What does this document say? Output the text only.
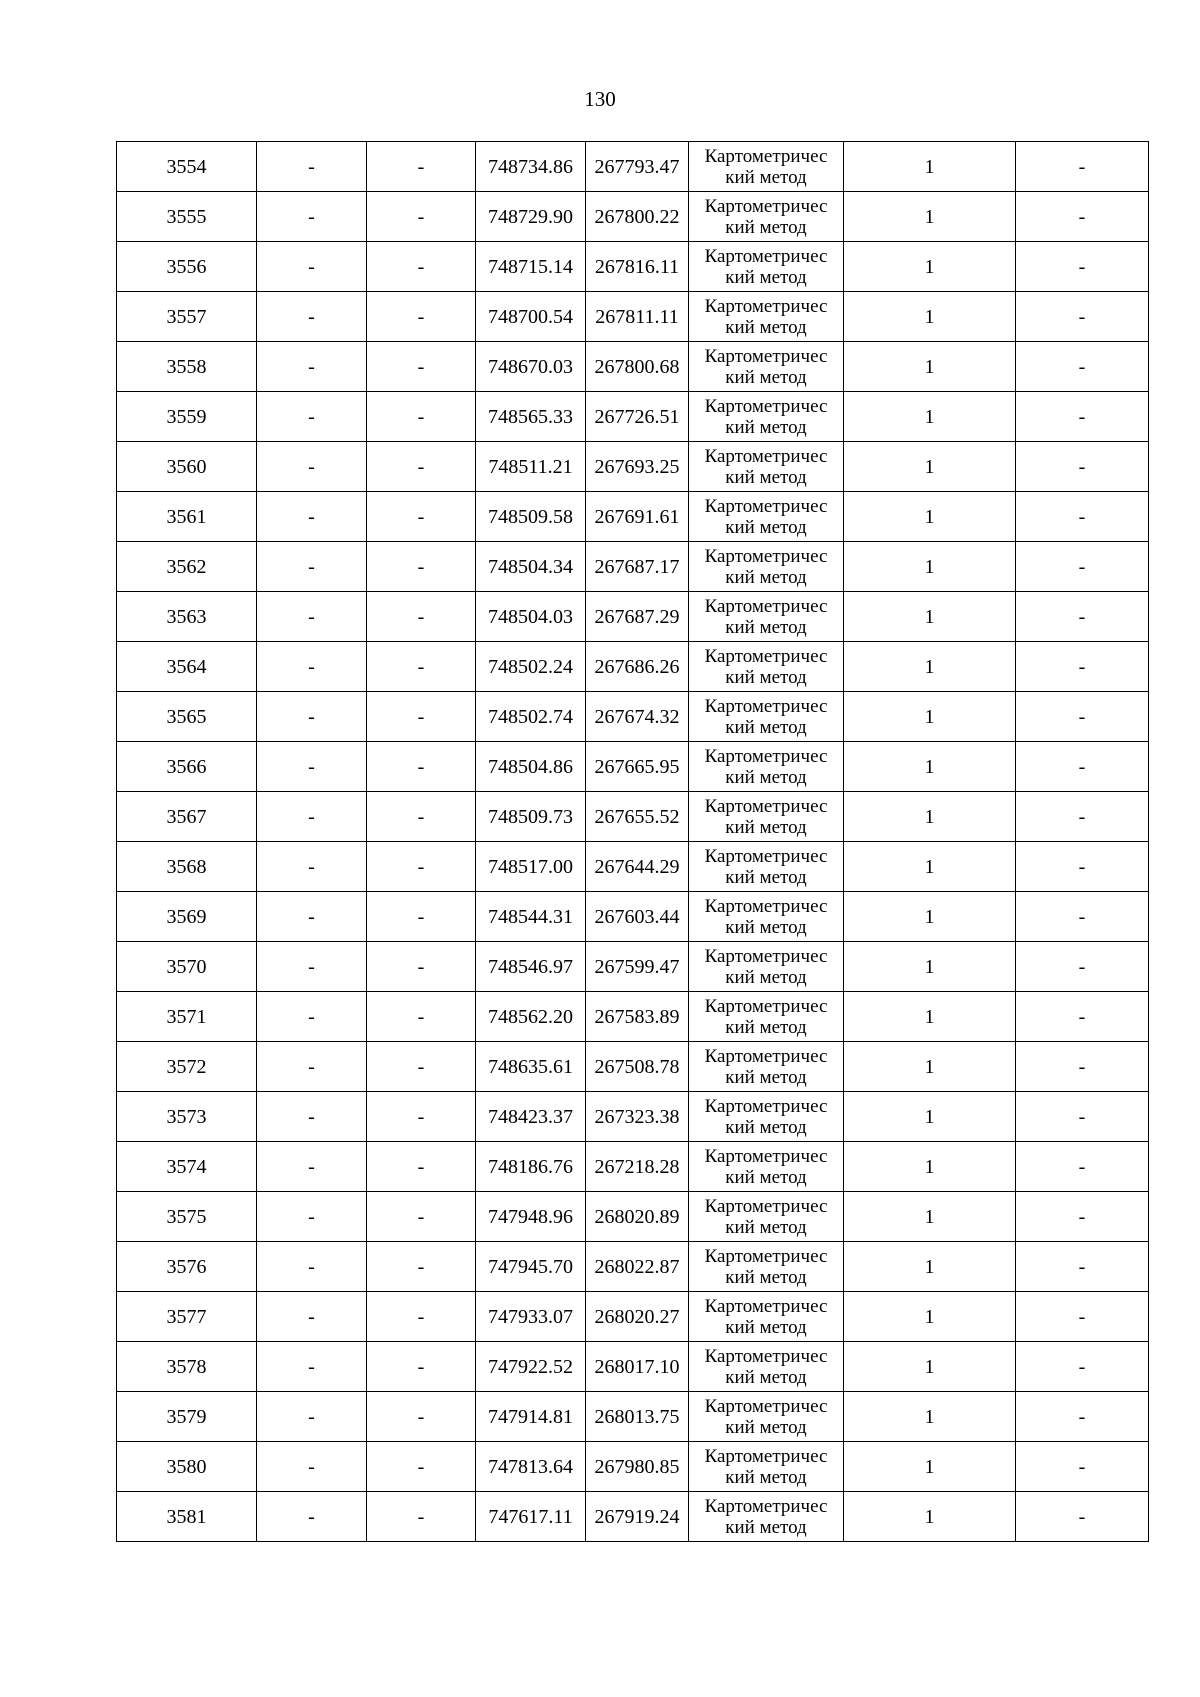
130
3554	-	-	748734.86	267793.47	Картометричес
кий метод	1	-
3555	-	-	748729.90	267800.22	Картометричес
кий метод	1	-
3556	-	-	748715.14	267816.11	Картометричес
кий метод	1	-
3557	-	-	748700.54	267811.11	Картометричес
кий метод	1	-
3558	-	-	748670.03	267800.68	Картометричес
кий метод	1	-
3559	-	-	748565.33	267726.51	Картометричес
кий метод	1	-
3560	-	-	748511.21	267693.25	Картометричес
кий метод	1	-
3561	-	-	748509.58	267691.61	Картометричес
кий метод	1	-
3562	-	-	748504.34	267687.17	Картометричес
кий метод	1	-
3563	-	-	748504.03	267687.29	Картометричес
кий метод	1	-
3564	-	-	748502.24	267686.26	Картометричес
кий метод	1	-
3565	-	-	748502.74	267674.32	Картометричес
кий метод	1	-
3566	-	-	748504.86	267665.95	Картометричес
кий метод	1	-
3567	-	-	748509.73	267655.52	Картометричес
кий метод	1	-
3568	-	-	748517.00	267644.29	Картометричес
кий метод	1	-
3569	-	-	748544.31	267603.44	Картометричес
кий метод	1	-
3570	-	-	748546.97	267599.47	Картометричес
кий метод	1	-
3571	-	-	748562.20	267583.89	Картометричес
кий метод	1	-
3572	-	-	748635.61	267508.78	Картометричес
кий метод	1	-
3573	-	-	748423.37	267323.38	Картометричес
кий метод	1	-
3574	-	-	748186.76	267218.28	Картометричес
кий метод	1	-
3575	-	-	747948.96	268020.89	Картометричес
кий метод	1	-
3576	-	-	747945.70	268022.87	Картометричес
кий метод	1	-
3577	-	-	747933.07	268020.27	Картометричес
кий метод	1	-
3578	-	-	747922.52	268017.10	Картометричес
кий метод	1	-
3579	-	-	747914.81	268013.75	Картометричес
кий метод	1	-
3580	-	-	747813.64	267980.85	Картометричес
кий метод	1	-
3581	-	-	747617.11	267919.24	Картометричес
кий метод	1	-
